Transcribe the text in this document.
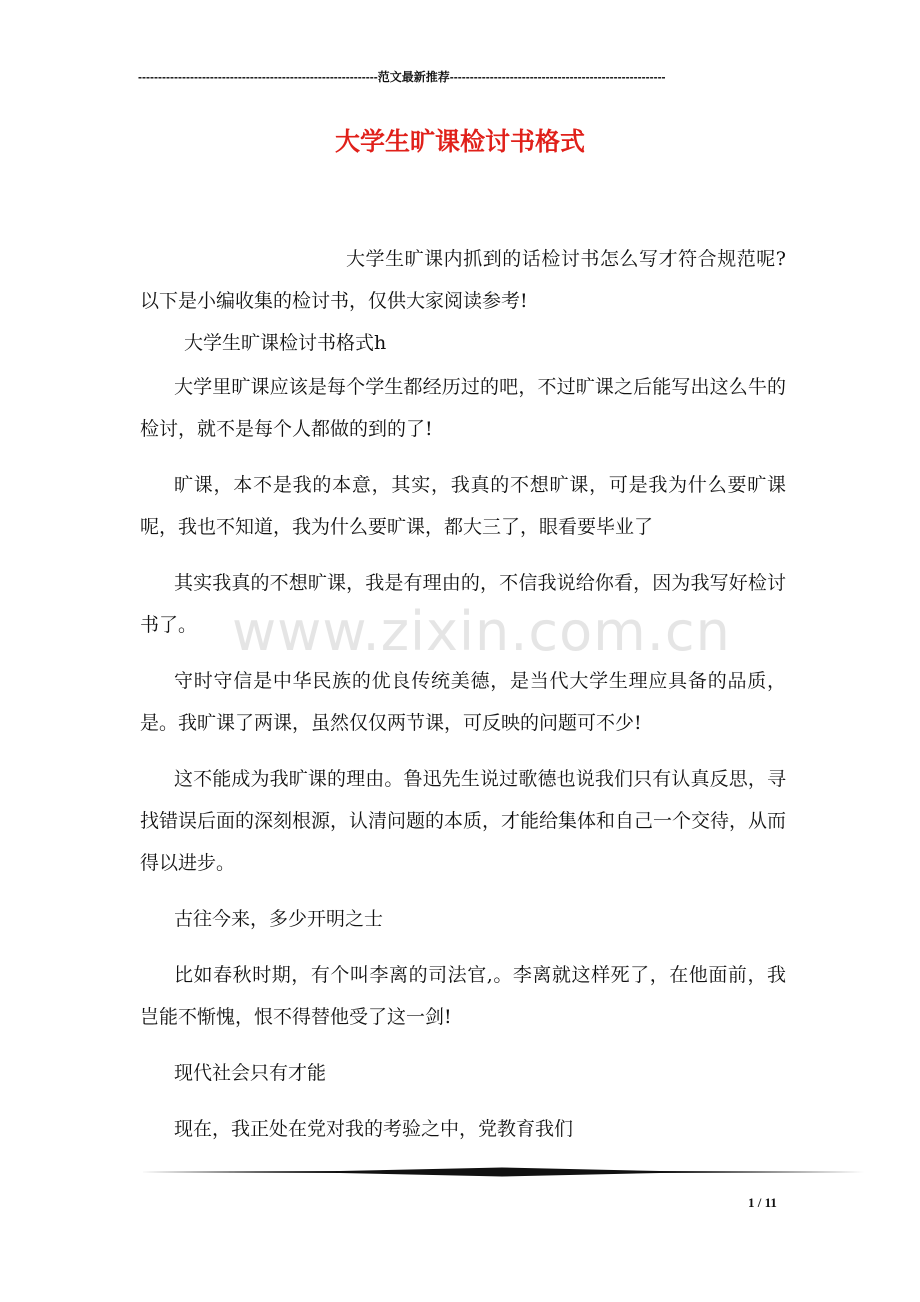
------------------------------------------------------------范文最新推荐------------------------------------------------------
大学生旷课检讨书格式

大学生旷课内抓到的话检讨书怎么写才符合规范呢?以下是小编收集的检讨书，仅供大家阅读参考!

大学生旷课检讨书格式h

大学里旷课应该是每个学生都经历过的吧，不过旷课之后能写出这么牛的检讨，就不是每个人都做的到的了!

旷课，本不是我的本意，其实，我真的不想旷课，可是我为什么要旷课呢，我也不知道，我为什么要旷课，都大三了，眼看要毕业了

其实我真的不想旷课，我是有理由的，不信我说给你看，因为我写好检讨书了。

守时守信是中华民族的优良传统美德，是当代大学生理应具备的品质，是。我旷课了两课，虽然仅仅两节课，可反映的问题可不少!

这不能成为我旷课的理由。鲁迅先生说过歌德也说我们只有认真反思，寻找错误后面的深刻根源，认清问题的本质，才能给集体和自己一个交待，从而得以进步。

古往今来，多少开明之士

比如春秋时期，有个叫李离的司法官,。李离就这样死了，在他面前，我岂能不惭愧，恨不得替他受了这一剑!

现代社会只有才能

现在，我正处在党对我的考验之中，党教育我们

www.zixin.com.cn
1 / 11
